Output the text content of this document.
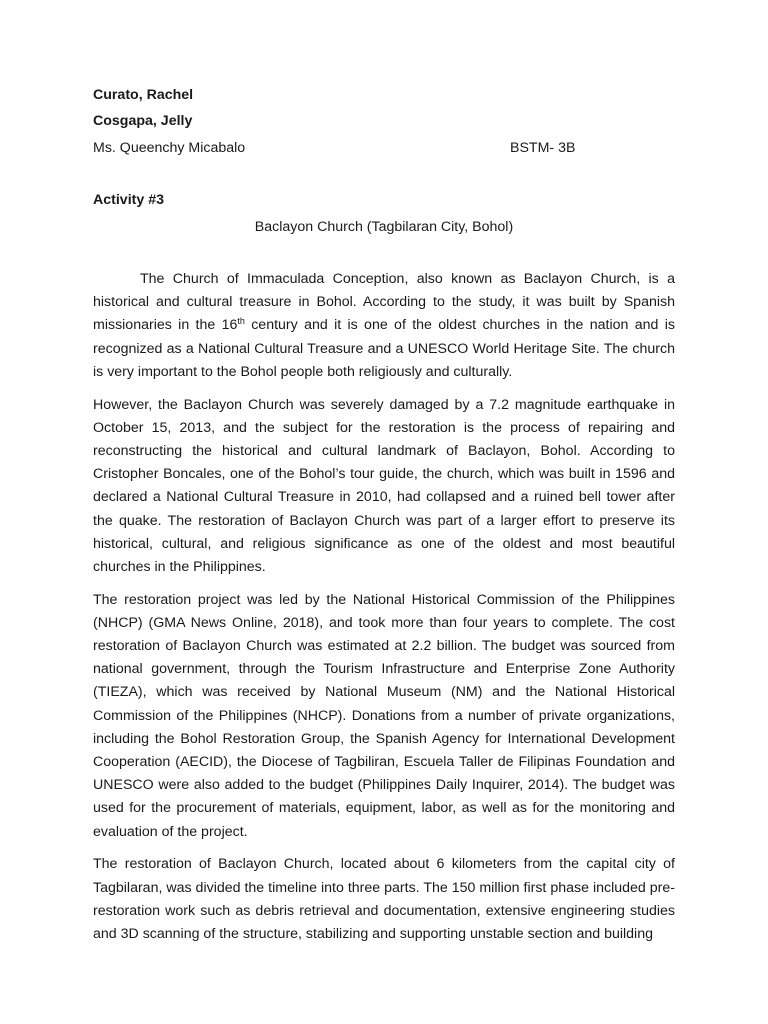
Curato, Rachel

Cosgapa, Jelly

Ms. Queenchy Micabalo	BSTM- 3B

Activity #3

Baclayon Church (Tagbilaran City, Bohol)

The Church of Immaculada Conception, also known as Baclayon Church, is a historical and cultural treasure in Bohol. According to the study, it was built by Spanish missionaries in the 16th century and it is one of the oldest churches in the nation and is recognized as a National Cultural Treasure and a UNESCO World Heritage Site. The church is very important to the Bohol people both religiously and culturally.

However, the Baclayon Church was severely damaged by a 7.2 magnitude earthquake in October 15, 2013, and the subject for the restoration is the process of repairing and reconstructing the historical and cultural landmark of Baclayon, Bohol. According to Cristopher Boncales, one of the Bohol’s tour guide, the church, which was built in 1596 and declared a National Cultural Treasure in 2010, had collapsed and a ruined bell tower after the quake. The restoration of Baclayon Church was part of a larger effort to preserve its historical, cultural, and religious significance as one of the oldest and most beautiful churches in the Philippines.

The restoration project was led by the National Historical Commission of the Philippines (NHCP) (GMA News Online, 2018), and took more than four years to complete. The cost restoration of Baclayon Church was estimated at 2.2 billion. The budget was sourced from national government, through the Tourism Infrastructure and Enterprise Zone Authority (TIEZA), which was received by National Museum (NM) and the National Historical Commission of the Philippines (NHCP). Donations from a number of private organizations, including the Bohol Restoration Group, the Spanish Agency for International Development Cooperation (AECID), the Diocese of Tagbiliran, Escuela Taller de Filipinas Foundation and UNESCO were also added to the budget (Philippines Daily Inquirer, 2014). The budget was used for the procurement of materials, equipment, labor, as well as for the monitoring and evaluation of the project.

The restoration of Baclayon Church, located about 6 kilometers from the capital city of Tagbilaran, was divided the timeline into three parts. The 150 million first phase included pre-restoration work such as debris retrieval and documentation, extensive engineering studies and 3D scanning of the structure, stabilizing and supporting unstable section and building
